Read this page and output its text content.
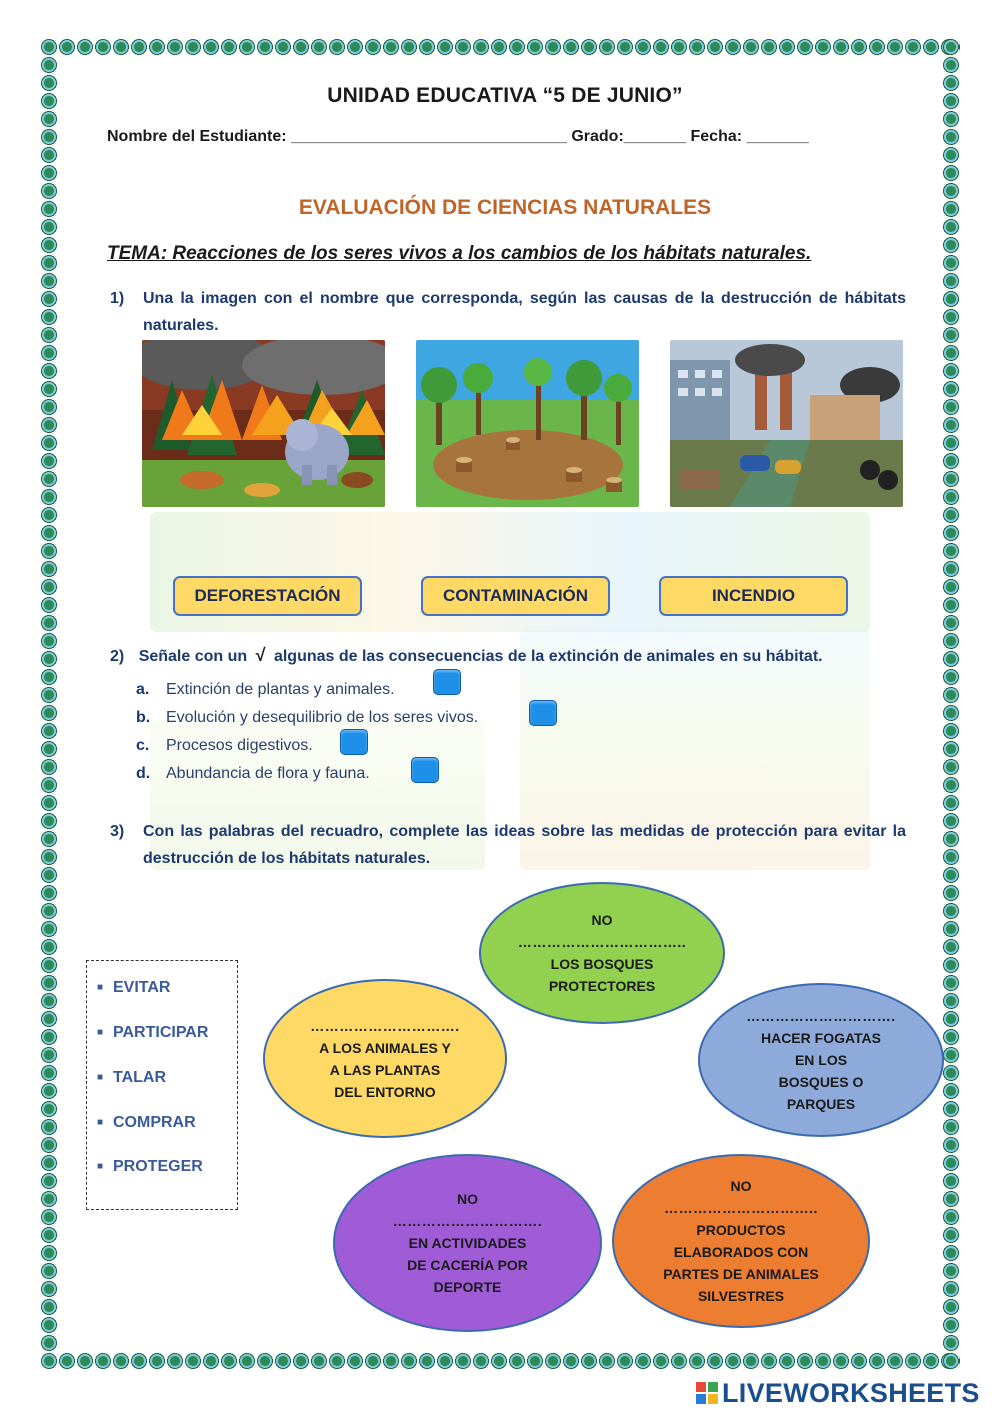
UNIDAD EDUCATIVA “5 DE JUNIO”
Nombre del Estudiante: _______________________________ Grado:_______ Fecha: _______
EVALUACIÓN DE CIENCIAS NATURALES
TEMA: Reacciones de los seres vivos a los cambios de los hábitats naturales.
1) Una la imagen con el nombre que corresponda, según las causas de la destrucción de hábitats naturales.
DEFORESTACIÓN	CONTAMINACIÓN	INCENDIO
2) Señale con un √ algunas de las consecuencias de la extinción de animales en su hábitat.
a. Extinción de plantas y animales.
b. Evolución y desequilibrio de los seres vivos.
c. Procesos digestivos.
d. Abundancia de flora y fauna.
3) Con las palabras del recuadro, complete las ideas sobre las medidas de protección para evitar la destrucción de los hábitats naturales.
■ EVITAR
■ PARTICIPAR
■ TALAR
■ COMPRAR
■ PROTEGER
NO
……………………………..
LOS BOSQUES
PROTECTORES
………………………….
A LOS ANIMALES Y
A LAS PLANTAS
DEL ENTORNO
………………………….
HACER FOGATAS
EN LOS
BOSQUES O
PARQUES
NO
………………………….
EN ACTIVIDADES
DE CACERÍA POR
DEPORTE
NO
…………………………..
PRODUCTOS
ELABORADOS CON
PARTES DE ANIMALES
SILVESTRES
LIVEWORKSHEETS
